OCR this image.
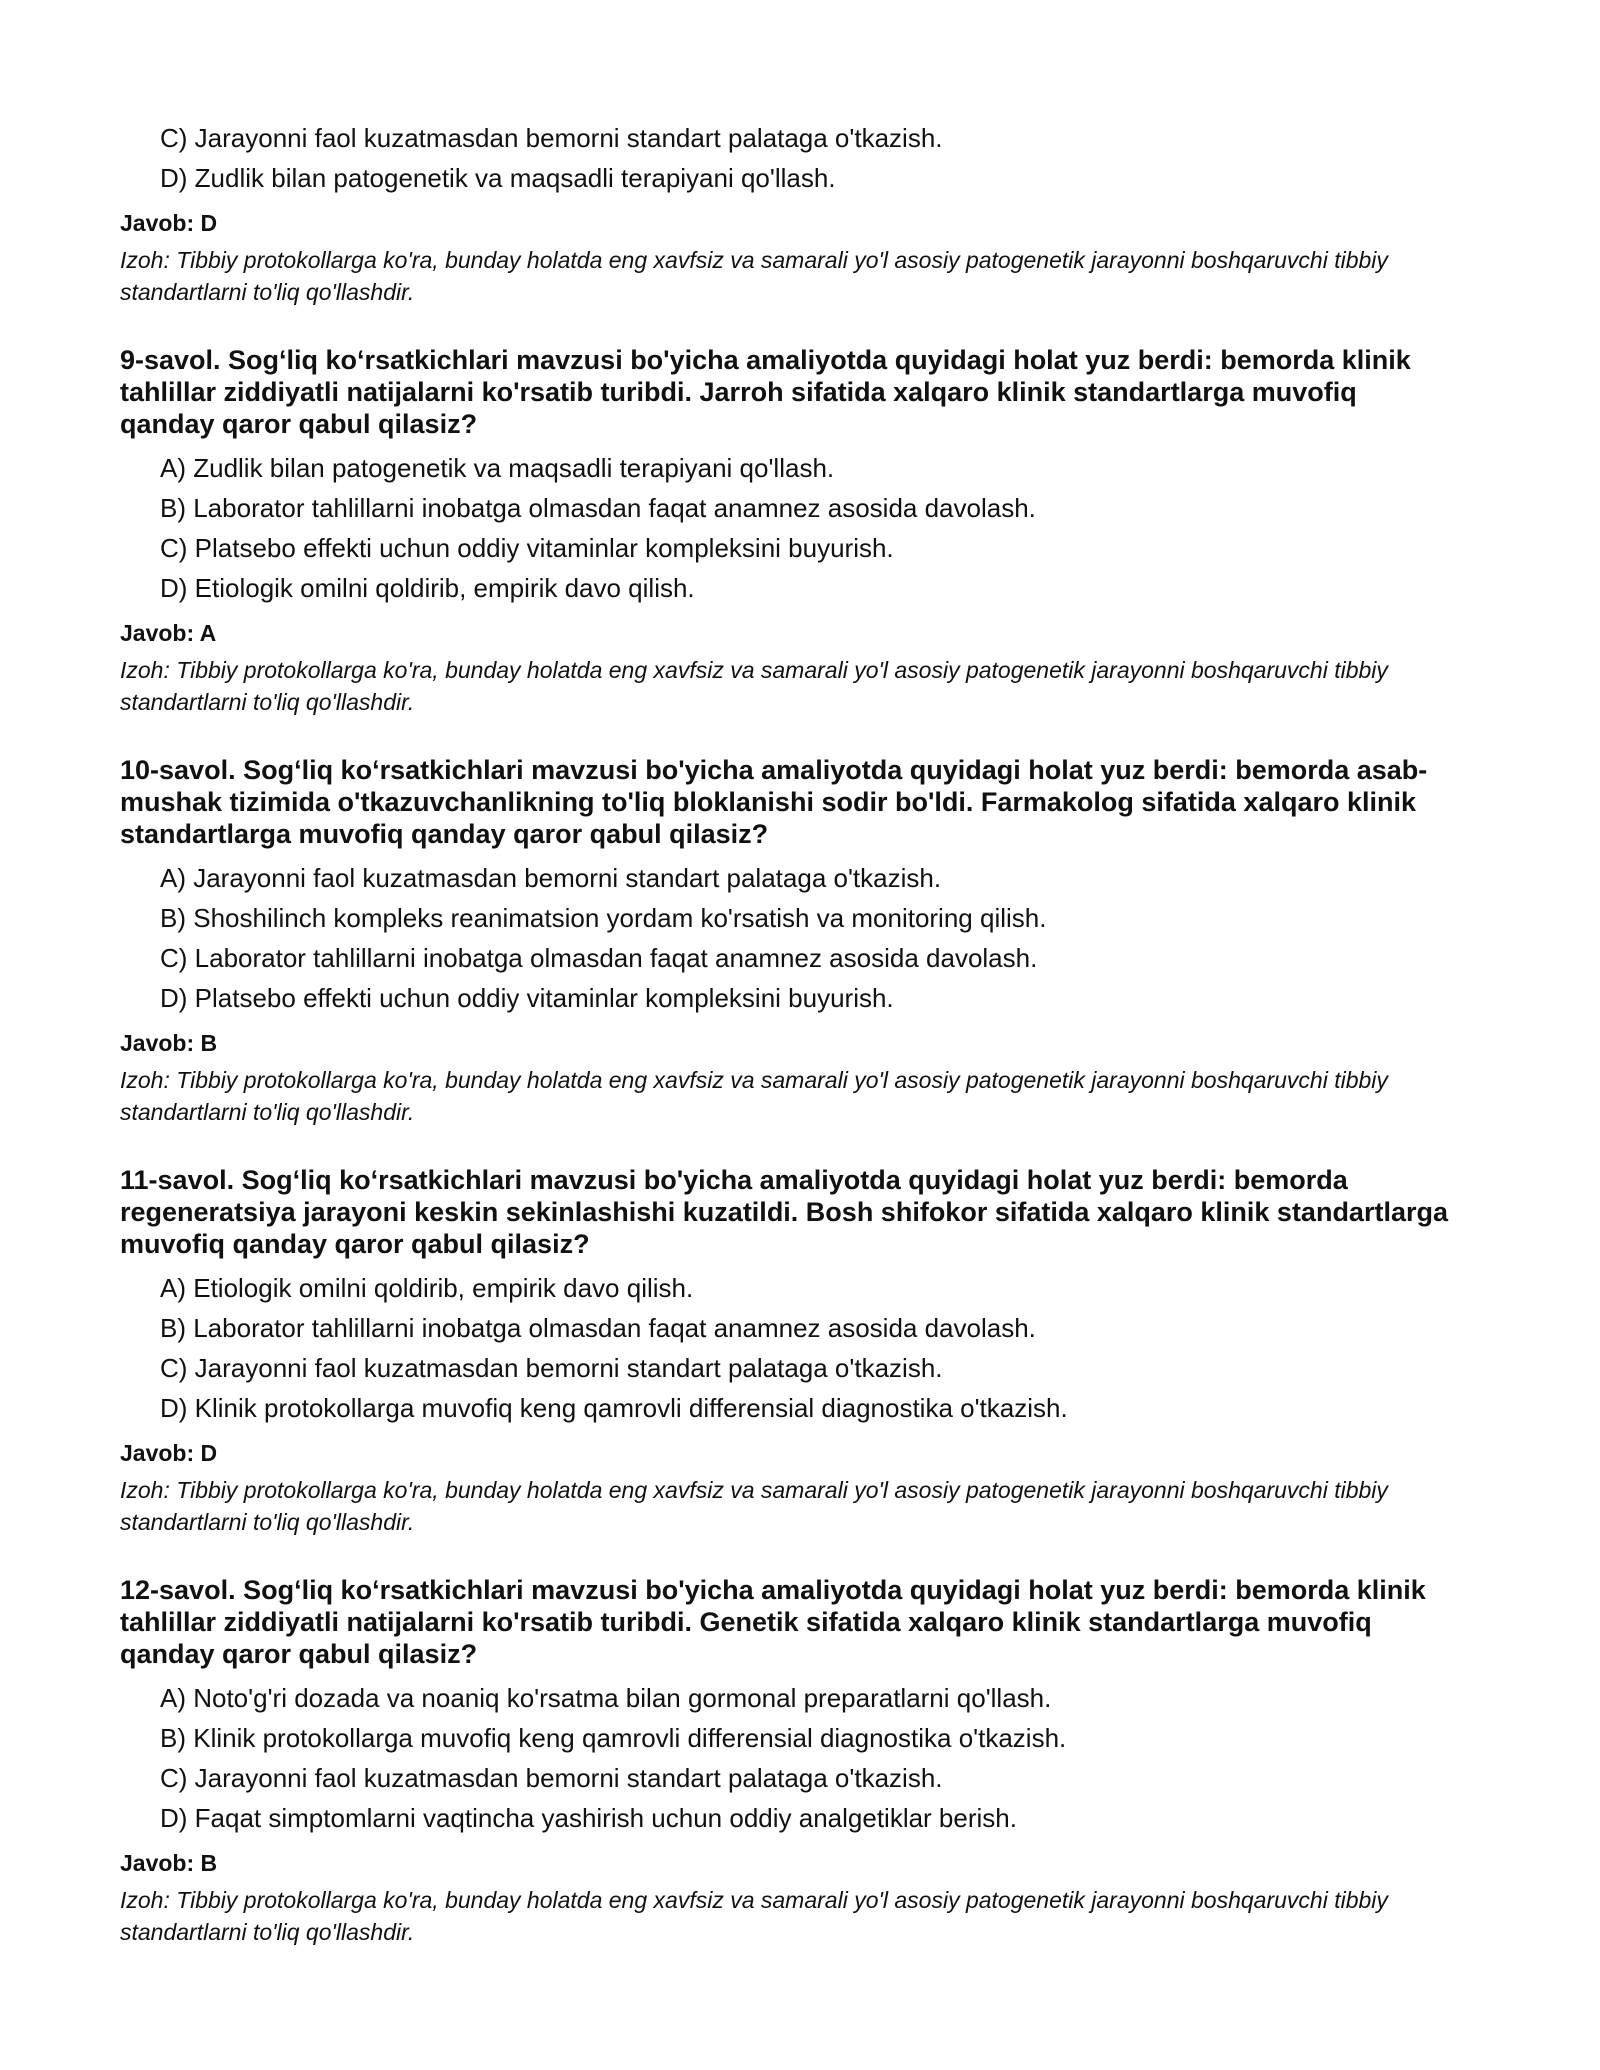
C) Jarayonni faol kuzatmasdan bemorni standart palataga o'tkazish.
D) Zudlik bilan patogenetik va maqsadli terapiyani qo'llash.
Javob: D
Izoh: Tibbiy protokollarga ko'ra, bunday holatda eng xavfsiz va samarali yo'l asosiy patogenetik jarayonni boshqaruvchi tibbiy standartlarni to'liq qo'llashdir.
9-savol. Sog‘liq ko‘rsatkichlari mavzusi bo'yicha amaliyotda quyidagi holat yuz berdi: bemorda klinik tahlillar ziddiyatli natijalarni ko'rsatib turibdi. Jarroh sifatida xalqaro klinik standartlarga muvofiq qanday qaror qabul qilasiz?
A) Zudlik bilan patogenetik va maqsadli terapiyani qo'llash.
B) Laborator tahlillarni inobatga olmasdan faqat anamnez asosida davolash.
C) Platsebo effekti uchun oddiy vitaminlar kompleksini buyurish.
D) Etiologik omilni qoldirib, empirik davo qilish.
Javob: A
Izoh: Tibbiy protokollarga ko'ra, bunday holatda eng xavfsiz va samarali yo'l asosiy patogenetik jarayonni boshqaruvchi tibbiy standartlarni to'liq qo'llashdir.
10-savol. Sog‘liq ko‘rsatkichlari mavzusi bo'yicha amaliyotda quyidagi holat yuz berdi: bemorda asab-mushak tizimida o'tkazuvchanlikning to'liq bloklanishi sodir bo'ldi. Farmakolog sifatida xalqaro klinik standartlarga muvofiq qanday qaror qabul qilasiz?
A) Jarayonni faol kuzatmasdan bemorni standart palataga o'tkazish.
B) Shoshilinch kompleks reanimatsion yordam ko'rsatish va monitoring qilish.
C) Laborator tahlillarni inobatga olmasdan faqat anamnez asosida davolash.
D) Platsebo effekti uchun oddiy vitaminlar kompleksini buyurish.
Javob: B
Izoh: Tibbiy protokollarga ko'ra, bunday holatda eng xavfsiz va samarali yo'l asosiy patogenetik jarayonni boshqaruvchi tibbiy standartlarni to'liq qo'llashdir.
11-savol. Sog‘liq ko‘rsatkichlari mavzusi bo'yicha amaliyotda quyidagi holat yuz berdi: bemorda regeneratsiya jarayoni keskin sekinlashishi kuzatildi. Bosh shifokor sifatida xalqaro klinik standartlarga muvofiq qanday qaror qabul qilasiz?
A) Etiologik omilni qoldirib, empirik davo qilish.
B) Laborator tahlillarni inobatga olmasdan faqat anamnez asosida davolash.
C) Jarayonni faol kuzatmasdan bemorni standart palataga o'tkazish.
D) Klinik protokollarga muvofiq keng qamrovli differensial diagnostika o'tkazish.
Javob: D
Izoh: Tibbiy protokollarga ko'ra, bunday holatda eng xavfsiz va samarali yo'l asosiy patogenetik jarayonni boshqaruvchi tibbiy standartlarni to'liq qo'llashdir.
12-savol. Sog‘liq ko‘rsatkichlari mavzusi bo'yicha amaliyotda quyidagi holat yuz berdi: bemorda klinik tahlillar ziddiyatli natijalarni ko'rsatib turibdi. Genetik sifatida xalqaro klinik standartlarga muvofiq qanday qaror qabul qilasiz?
A) Noto'g'ri dozada va noaniq ko'rsatma bilan gormonal preparatlarni qo'llash.
B) Klinik protokollarga muvofiq keng qamrovli differensial diagnostika o'tkazish.
C) Jarayonni faol kuzatmasdan bemorni standart palataga o'tkazish.
D) Faqat simptomlarni vaqtincha yashirish uchun oddiy analgetiklar berish.
Javob: B
Izoh: Tibbiy protokollarga ko'ra, bunday holatda eng xavfsiz va samarali yo'l asosiy patogenetik jarayonni boshqaruvchi tibbiy standartlarni to'liq qo'llashdir.
